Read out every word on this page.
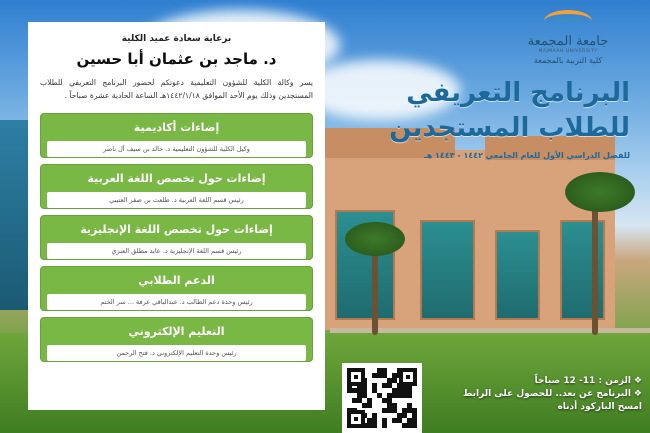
برعاية سعادة عميد الكلية
د. ماجد بن عثمان أبا حسين
يسر وكالة الكلية للشؤون التعليمية دعوتكم لحضور البرنامج التعريفي للطلاب المستجدين وذلك يوم الأحد الموافق ١٤٤٢/١/١٨هـ الساعة الحادية عشرة صباحاً .
إضاءات أكاديمية
وكيل الكلية للشؤون التعليمية د. خالد بن سيف آل ناصر
إضاءات حول تخصص اللغة العربية
رئيس قسم اللغة العربية د. طلعت بن صقر العتيبي
إضاءات حول تخصص اللغة الإنجليزية
رئيس قسم اللغة الإنجليزية د. عايد مطلق العنزي
الدعم الطلابي
رئيس وحدة دعم الطالب د. عبدالباقي عرفة ... سر الختم
التعليم الإلكتروني
رئيس وحدة التعليم الإلكتروني د. فتح الرحمن
جامعة المجمعة
MAJMAAH UNIVERSITY
كلية التربية بالمجمعة
البرنامج التعريفي
للطلاب المستجدين
للفصل الدراسي الأول للعام الجامعي ١٤٤٢ - ١٤٤٣ هـ
❖الزمن : 11- 12 صباحاً
❖البرنامج عن بعد.. للحصول على الرابط
امسح الباركود أدناه
